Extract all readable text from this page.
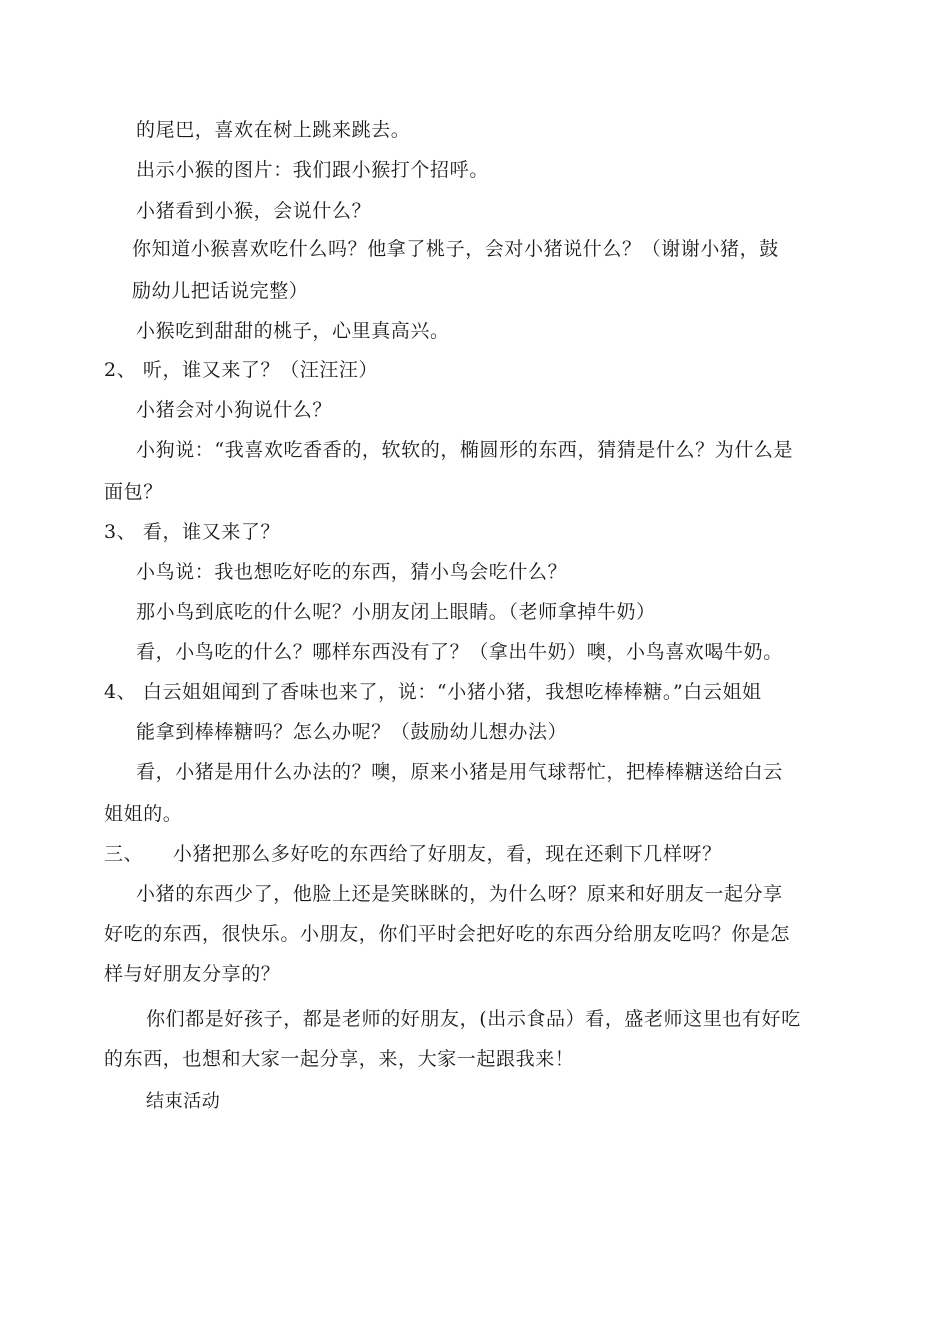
的尾巴，喜欢在树上跳来跳去。
出示小猴的图片：我们跟小猴打个招呼。
小猪看到小猴，会说什么？
你知道小猴喜欢吃什么吗？他拿了桃子，会对小猪说什么？（谢谢小猪，鼓
励幼儿把话说完整）
小猴吃到甜甜的桃子，心里真高兴。
2、 听，谁又来了？（汪汪汪）
小猪会对小狗说什么？
小狗说：“我喜欢吃香香的，软软的，椭圆形的东西，猜猜是什么？为什么是
面包？
3、 看，谁又来了？
小鸟说：我也想吃好吃的东西，猜小鸟会吃什么？
那小鸟到底吃的什么呢？小朋友闭上眼睛。（老师拿掉牛奶）
看，小鸟吃的什么？哪样东西没有了？（拿出牛奶）噢，小鸟喜欢喝牛奶。
4、 白云姐姐闻到了香味也来了，说：“小猪小猪，我想吃棒棒糖。”白云姐姐
能拿到棒棒糖吗？怎么办呢？（鼓励幼儿想办法）
看，小猪是用什么办法的？噢，原来小猪是用气球帮忙，把棒棒糖送给白云
姐姐的。
三、　　小猪把那么多好吃的东西给了好朋友，看，现在还剩下几样呀？
小猪的东西少了，他脸上还是笑眯眯的，为什么呀？原来和好朋友一起分享
好吃的东西，很快乐。小朋友，你们平时会把好吃的东西分给朋友吃吗？你是怎
样与好朋友分享的？
你们都是好孩子，都是老师的好朋友，(出示食品）看，盛老师这里也有好吃
的东西，也想和大家一起分享，来，大家一起跟我来！
结束活动
